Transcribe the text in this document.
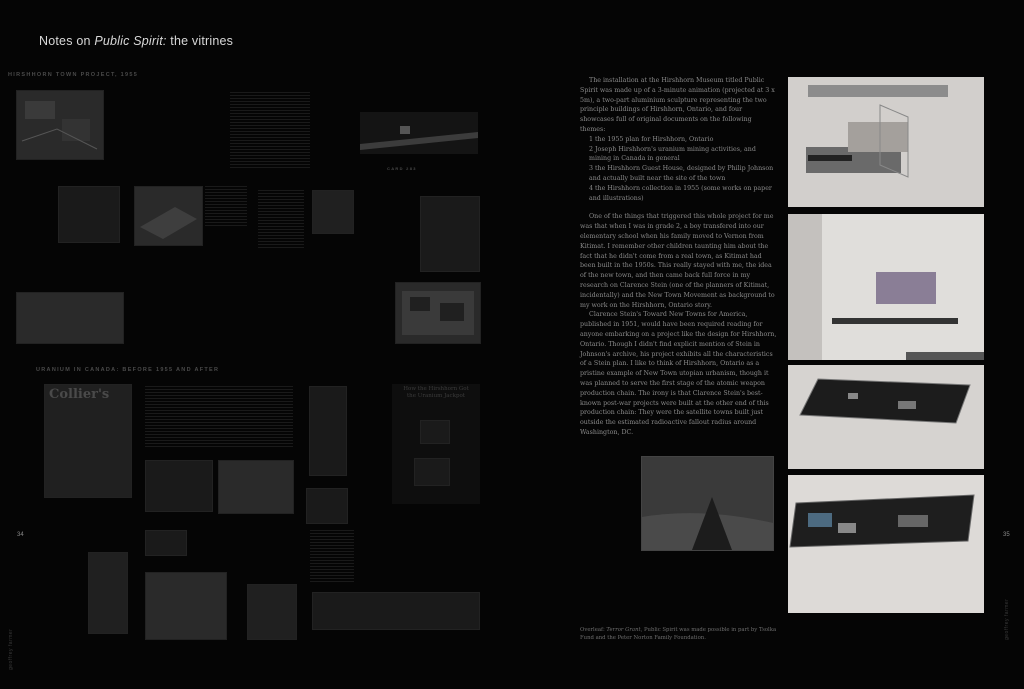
Notes on Public Spirit: the vitrines
HIRSHHORN TOWN PROJECT, 1955
CARD 283
URANIUM IN CANADA: BEFORE 1955 AND AFTER
Collier's	How the Hirshhorn Got the Uranium Jackpot
34
geoffrey farmer

The installation at the Hirshhorn Museum titled Public Spirit was made up of a 3-minute animation (projected at 3 x 5m), a two-part aluminium sculpture representing the two principle buildings of Hirshhorn, Ontario, and four showcases full of original documents on the following themes:

1 the 1955 plan for Hirshhorn, Ontario

2 Joseph Hirshhorn's uranium mining activities, and mining in Canada in general

3 the Hirshhorn Guest House, designed by Philip Johnson and actually built near the site of the town

4 the Hirshhorn collection in 1955 (some works on paper and illustrations)

One of the things that triggered this whole project for me was that when I was in grade 2, a boy transfered into our elementary school when his family moved to Vernon from Kitimat. I remember other children taunting him about the fact that he didn't come from a real town, as Kitimat had been built in the 1950s. This really stayed with me, the idea of the new town, and then came back full force in my research on Clarence Stein (one of the planners of Kitimat, incidentally) and the New Town Movement as background to my work on the Hirshhorn, Ontario story.

Clarence Stein's Toward New Towns for America, published in 1951, would have been required reading for anyone embarking on a project like the design for Hirshhorn, Ontario. Though I didn't find explicit mention of Stein in Johnson's archive, his project exhibits all the characteristics of a Stein plan. I like to think of Hirshhorn, Ontario as a pristine example of New Town utopian urbanism, though it was planned to serve the first stage of the atomic weapon production chain. The irony is that Clarence Stein's best-known post-war projects were built at the other end of this production chain: They were the satellite towns built just outside the estimated radioactive fallout radius around Washington, DC.

Overleaf: Terror Grant, Public Spirit was made possible in part by Tsolka Fund and the Peter Norton Family Foundation.
35
geoffrey farmer
